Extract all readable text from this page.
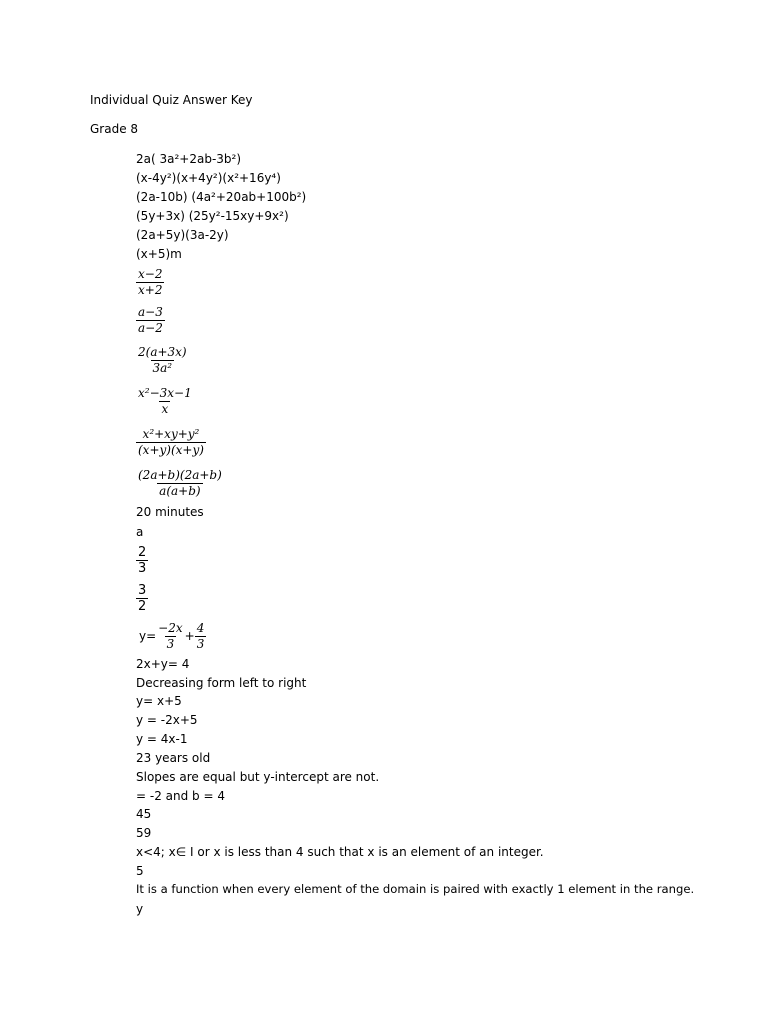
Individual Quiz Answer Key
Grade 8
2a( 3a²+2ab-3b²)
(x-4y²)(x+4y²)(x²+16y⁴)
(2a-10b) (4a²+20ab+100b²)
(5y+3x) (25y²-15xy+9x²)
(2a+5y)(3a-2y)
(x+5)m
$\frac{x-2}{x+2}$
$\frac{a-3}{a-2}$
$\frac{2(a+3x)}{\text{3a²}}$
$\frac{\text{x²−3x−1}}{x}$
$\frac{\text{x²+xy+y²}}{(x+y)(x+y)}$
$\frac{(2a+b)(2a+b)}{a(a+b)}$
20 minutes
a
$\frac{2}{3}$
$\frac{3}{2}$
$y= \frac{-2x}{3} + \frac{4}{3}$
2x+y= 4
Decreasing form left to right
y= x+5
y = -2x+5
y = 4x-1
23 years old
Slopes are equal but y-intercept are not.
= -2 and b = 4
45
59
x<4; x∈ I or x is less than 4 such that x is an element of an integer.
5
It is a function when every element of the domain is paired with exactly 1 element in the range.
y
